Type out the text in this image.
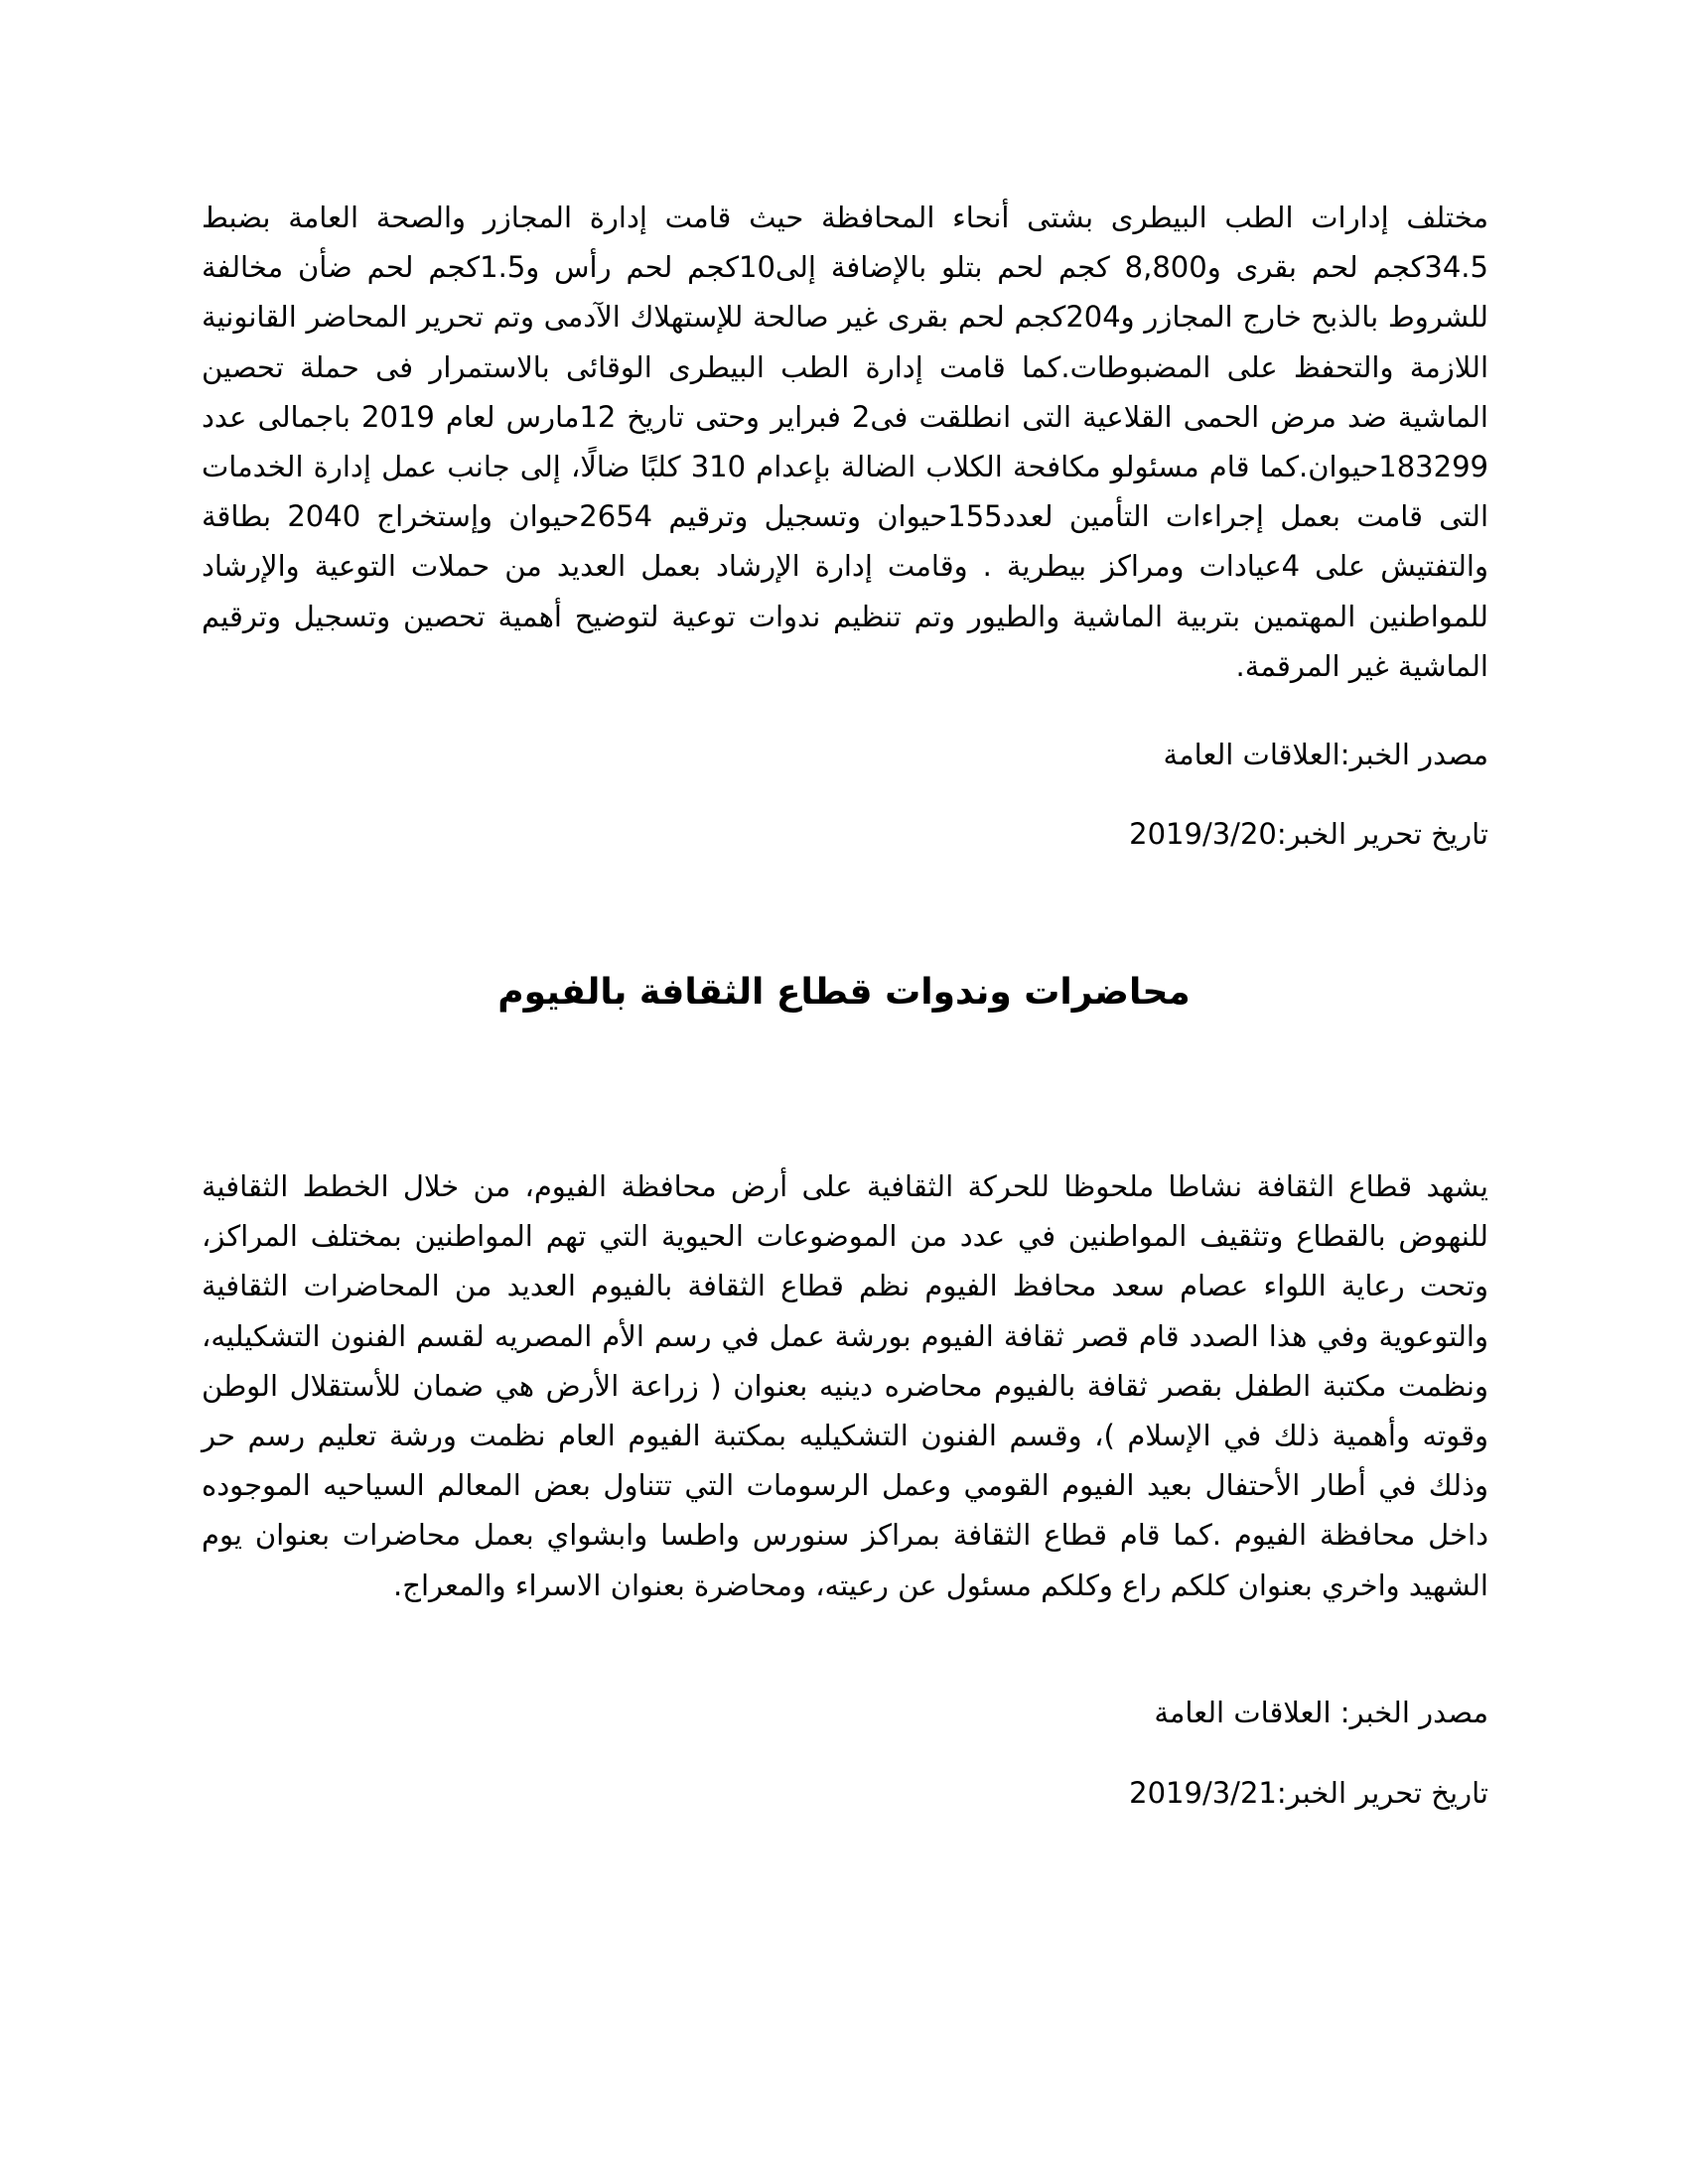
مختلف إدارات الطب البيطرى بشتى أنحاء المحافظة حيث قامت إدارة المجازر والصحة العامة بضبط 34.5كجم لحم بقرى و8,800 كجم لحم بتلو بالإضافة إلى10كجم لحم رأس و1.5كجم لحم ضأن مخالفة للشروط بالذبح خارج المجازر و204كجم لحم بقرى غير صالحة للإستهلاك الآدمى وتم تحرير المحاضر القانونية اللازمة والتحفظ على المضبوطات.كما قامت إدارة الطب البيطرى الوقائى بالاستمرار فى حملة تحصين الماشية ضد مرض الحمى القلاعية التى انطلقت فى2 فبراير وحتى تاريخ 12مارس لعام 2019 باجمالى عدد 183299حيوان.كما قام مسئولو مكافحة الكلاب الضالة بإعدام 310 كلبًا ضالًا، إلى جانب عمل إدارة الخدمات التى قامت بعمل إجراءات التأمين لعدد155حيوان وتسجيل وترقيم 2654حيوان وإستخراج 2040 بطاقة والتفتيش على 4عيادات ومراكز بيطرية . وقامت إدارة الإرشاد بعمل العديد من حملات التوعية والإرشاد للمواطنين المهتمين بتربية الماشية والطيور وتم تنظيم ندوات توعية لتوضيح أهمية تحصين وتسجيل وترقيم الماشية غير المرقمة.

مصدر الخبر:العلاقات العامة

تاريخ تحرير الخبر:2019/3/20

محاضرات وندوات قطاع الثقافة بالفيوم

يشهد قطاع الثقافة نشاطا ملحوظا للحركة الثقافية على أرض محافظة الفيوم، من خلال الخطط الثقافية للنهوض بالقطاع وتثقيف المواطنين في عدد من الموضوعات الحيوية التي تهم المواطنين بمختلف المراكز، وتحت رعاية اللواء عصام سعد محافظ الفيوم نظم قطاع الثقافة بالفيوم العديد من المحاضرات الثقافية والتوعوية وفي هذا الصدد قام قصر ثقافة الفيوم بورشة عمل في رسم الأم المصريه لقسم الفنون التشكيليه، ونظمت مكتبة الطفل بقصر ثقافة بالفيوم محاضره دينيه بعنوان ( زراعة الأرض هي ضمان للأستقلال الوطن وقوته وأهمية ذلك في الإسلام )، وقسم الفنون التشكيليه بمكتبة الفيوم العام نظمت ورشة تعليم رسم حر وذلك في أطار الأحتفال بعيد الفيوم القومي وعمل الرسومات التي تتناول بعض المعالم السياحيه الموجوده داخل محافظة الفيوم .كما قام قطاع الثقافة بمراكز سنورس واطسا وابشواي بعمل محاضرات بعنوان يوم الشهيد واخري بعنوان كلكم راع وكلكم مسئول عن رعيته، ومحاضرة بعنوان الاسراء والمعراج.

مصدر الخبر: العلاقات العامة

تاريخ تحرير الخبر:2019/3/21
